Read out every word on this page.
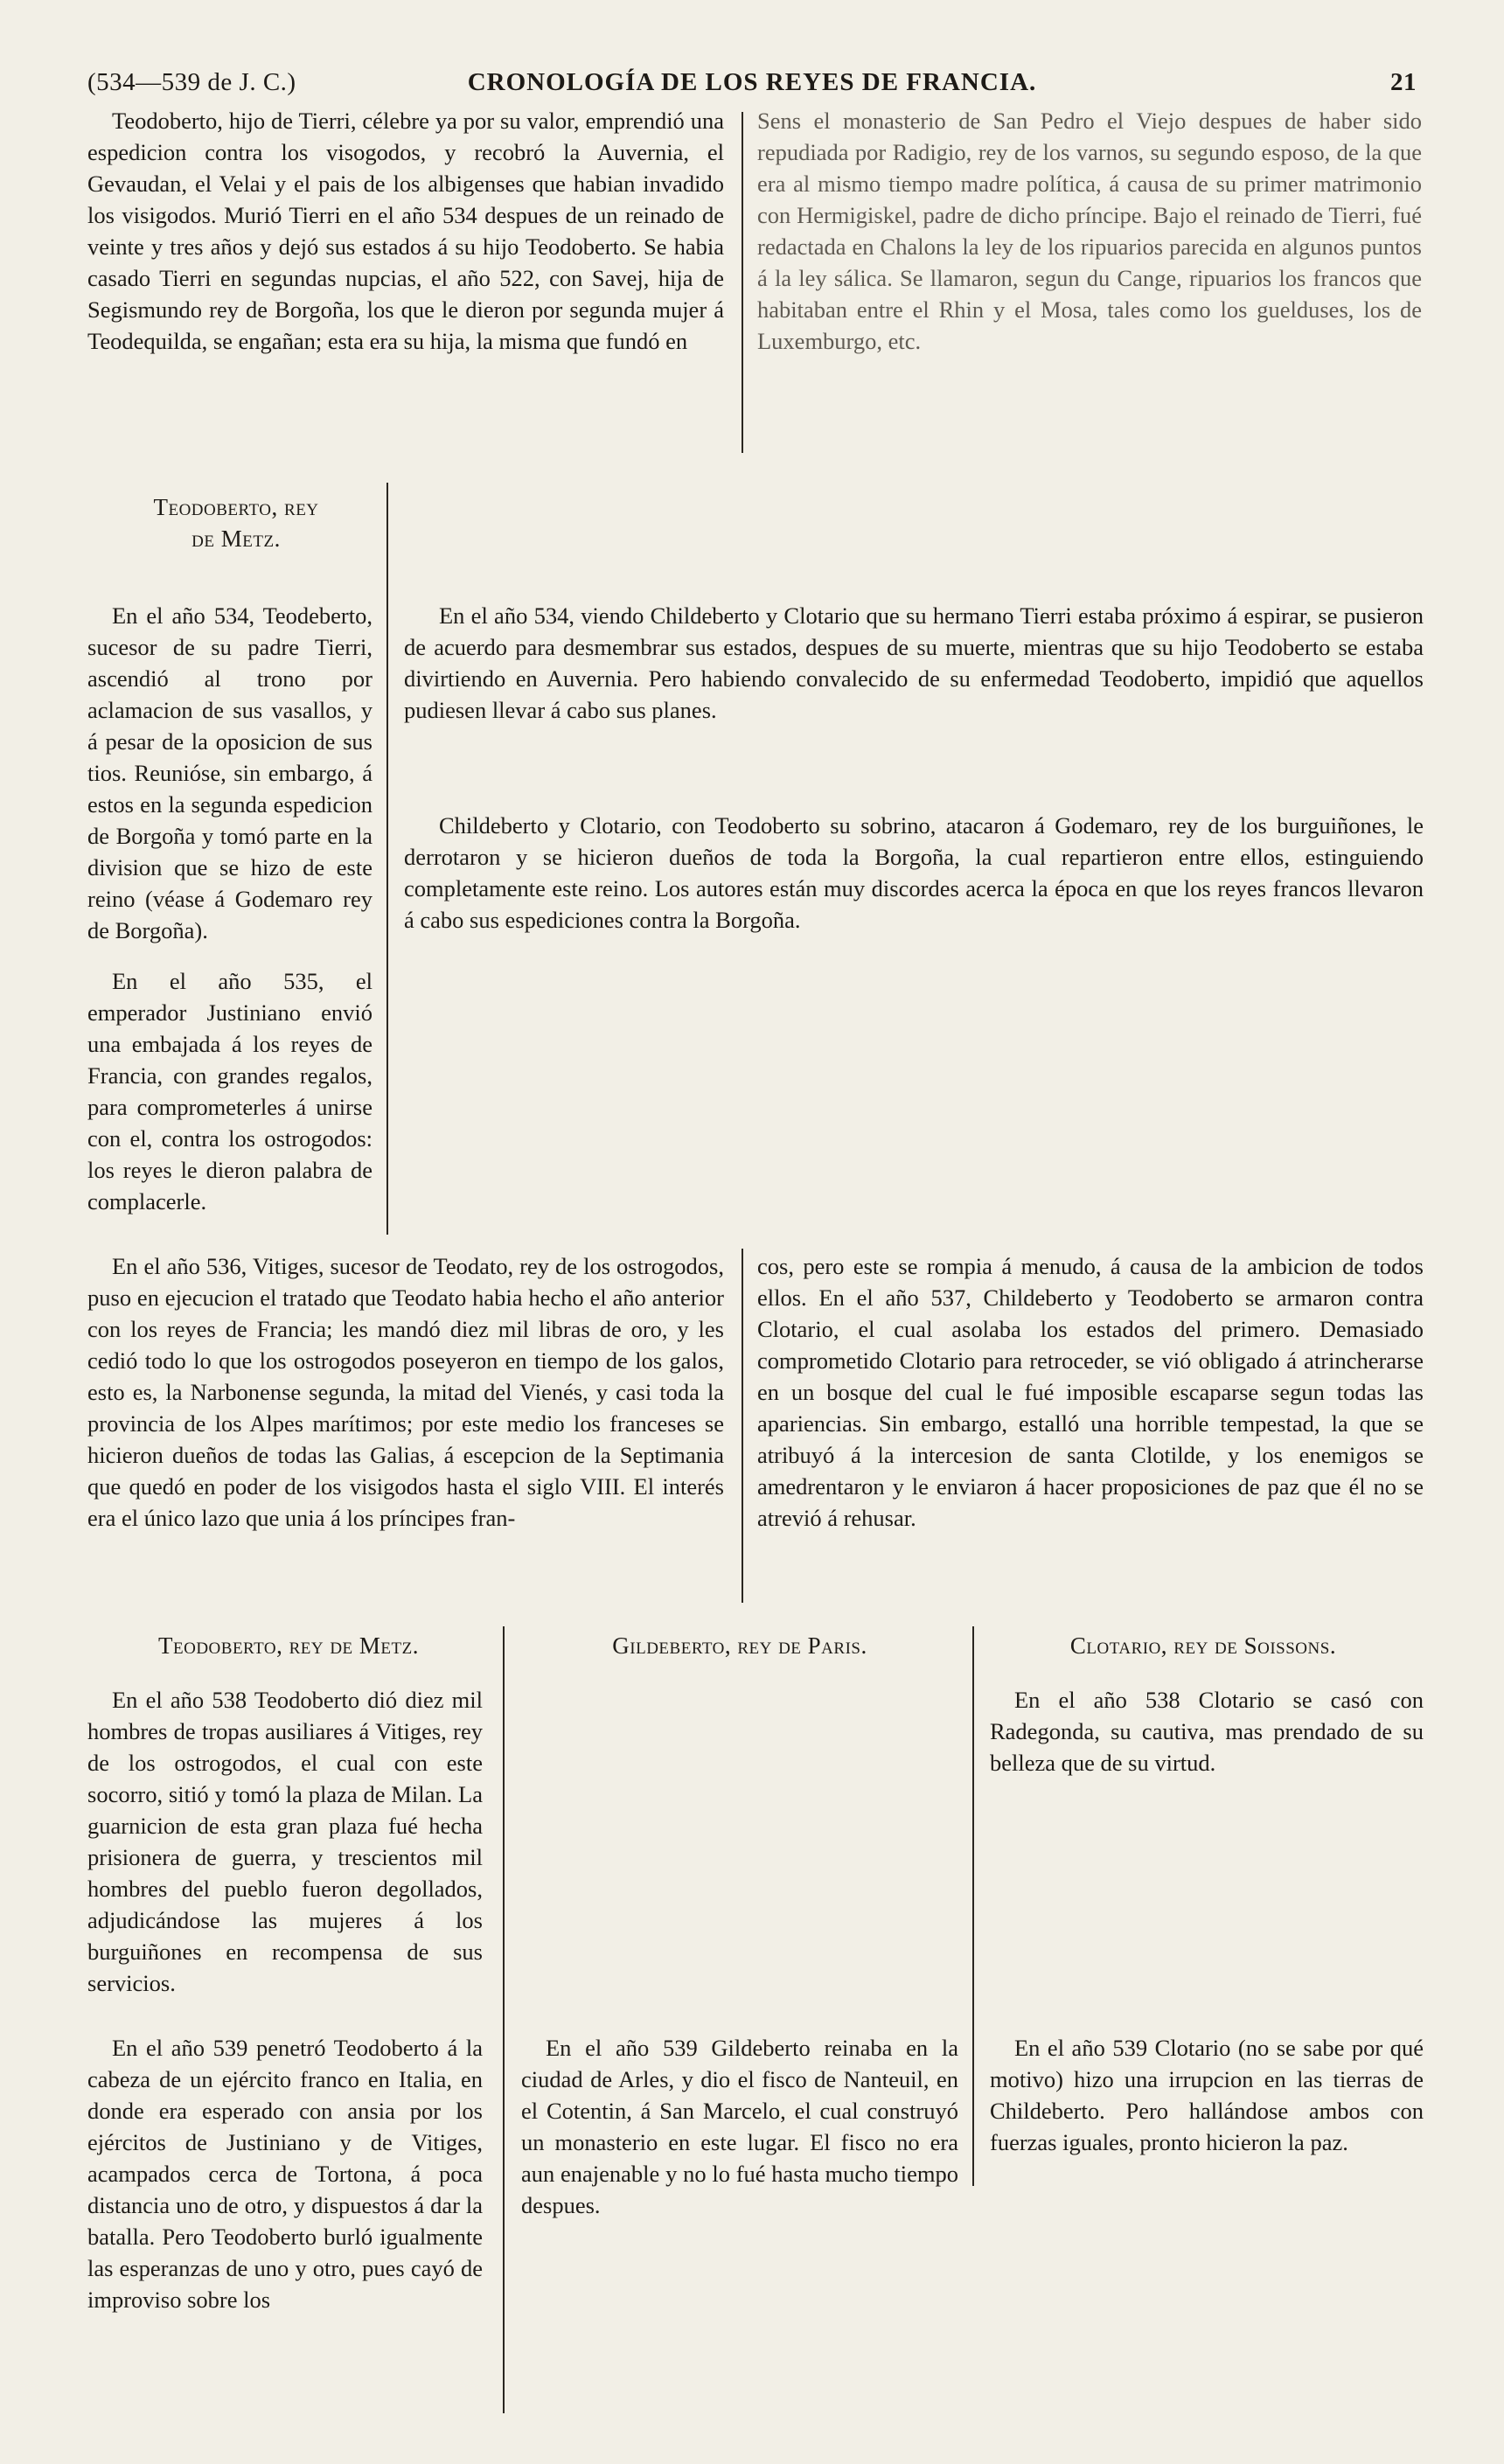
(534—539 de J. C.)	CRONOLOGÍA DE LOS REYES DE FRANCIA.	21

Teodoberto, hijo de Tierri, célebre ya por su valor, emprendió una espedicion contra los visogodos, y recobró la Auvernia, el Gevaudan, el Velai y el pais de los albigenses que habian invadido los visigodos. Murió Tierri en el año 534 despues de un reinado de veinte y tres años y dejó sus estados á su hijo Teodoberto. Se habia casado Tierri en segundas nupcias, el año 522, con Savej, hija de Segismundo rey de Borgoña, los que le dieron por segunda mujer á Teodequilda, se engañan; esta era su hija, la misma que fundó en

Sens el monasterio de San Pedro el Viejo despues de haber sido repudiada por Radigio, rey de los varnos, su segundo esposo, de la que era al mismo tiempo madre política, á causa de su primer matrimonio con Hermigiskel, padre de dicho príncipe. Bajo el reinado de Tierri, fué redactada en Chalons la ley de los ripuarios parecida en algunos puntos á la ley sálica. Se llamaron, segun du Cange, ripuarios los francos que habitaban entre el Rhin y el Mosa, tales como los guelduses, los de Luxemburgo, etc.

Teodoberto, rey
de Metz.

En el año 534, Teodeberto, sucesor de su padre Tierri, ascendió al trono por aclamacion de sus vasallos, y á pesar de la oposicion de sus tios. Reunióse, sin embargo, á estos en la segunda espedicion de Borgoña y tomó parte en la division que se hizo de este reino (véase á Godemaro rey de Borgoña).

En el año 535, el emperador Justiniano envió una embajada á los reyes de Francia, con grandes regalos, para comprometerles á unirse con el, contra los ostrogodos: los reyes le dieron palabra de complacerle.

En el año 534, viendo Childeberto y Clotario que su hermano Tierri estaba próximo á espirar, se pusieron de acuerdo para desmembrar sus estados, despues de su muerte, mientras que su hijo Teodoberto se estaba divirtiendo en Auvernia. Pero habiendo convalecido de su enfermedad Teodoberto, impidió que aquellos pudiesen llevar á cabo sus planes.

Childeberto y Clotario, con Teodoberto su sobrino, atacaron á Godemaro, rey de los burguiñones, le derrotaron y se hicieron dueños de toda la Borgoña, la cual repartieron entre ellos, estinguiendo completamente este reino. Los autores están muy discordes acerca la época en que los reyes francos llevaron á cabo sus espediciones contra la Borgoña.

En el año 536, Vitiges, sucesor de Teodato, rey de los ostrogodos, puso en ejecucion el tratado que Teodato habia hecho el año anterior con los reyes de Francia; les mandó diez mil libras de oro, y les cedió todo lo que los ostrogodos poseyeron en tiempo de los galos, esto es, la Narbonense segunda, la mitad del Vienés, y casi toda la provincia de los Alpes marítimos; por este medio los franceses se hicieron dueños de todas las Galias, á escepcion de la Septimania que quedó en poder de los visigodos hasta el siglo VIII. El interés era el único lazo que unia á los príncipes fran-

cos, pero este se rompia á menudo, á causa de la ambicion de todos ellos. En el año 537, Childeberto y Teodoberto se armaron contra Clotario, el cual asolaba los estados del primero. Demasiado comprometido Clotario para retroceder, se vió obligado á atrincherarse en un bosque del cual le fué imposible escaparse segun todas las apariencias. Sin embargo, estalló una horrible tempestad, la que se atribuyó á la intercesion de santa Clotilde, y los enemigos se amedrentaron y le enviaron á hacer proposiciones de paz que él no se atrevió á rehusar.

Teodoberto, rey de Metz.	Gildeberto, rey de Paris.	Clotario, rey de Soissons.

En el año 538 Teodoberto dió diez mil hombres de tropas ausiliares á Vitiges, rey de los ostrogodos, el cual con este socorro, sitió y tomó la plaza de Milan. La guarnicion de esta gran plaza fué hecha prisionera de guerra, y trescientos mil hombres del pueblo fueron degollados, adjudicándose las mujeres á los burguiñones en recompensa de sus servicios.

En el año 539 penetró Teodoberto á la cabeza de un ejército franco en Italia, en donde era esperado con ansia por los ejércitos de Justiniano y de Vitiges, acampados cerca de Tortona, á poca distancia uno de otro, y dispuestos á dar la batalla. Pero Teodoberto burló igualmente las esperanzas de uno y otro, pues cayó de improviso sobre los

En el año 539 Gildeberto reinaba en la ciudad de Arles, y dio el fisco de Nanteuil, en el Cotentin, á San Marcelo, el cual construyó un monasterio en este lugar. El fisco no era aun enajenable y no lo fué hasta mucho tiempo despues.

En el año 538 Clotario se casó con Radegonda, su cautiva, mas prendado de su belleza que de su virtud.

En el año 539 Clotario (no se sabe por qué motivo) hizo una irrupcion en las tierras de Childeberto. Pero hallándose ambos con fuerzas iguales, pronto hicieron la paz.
